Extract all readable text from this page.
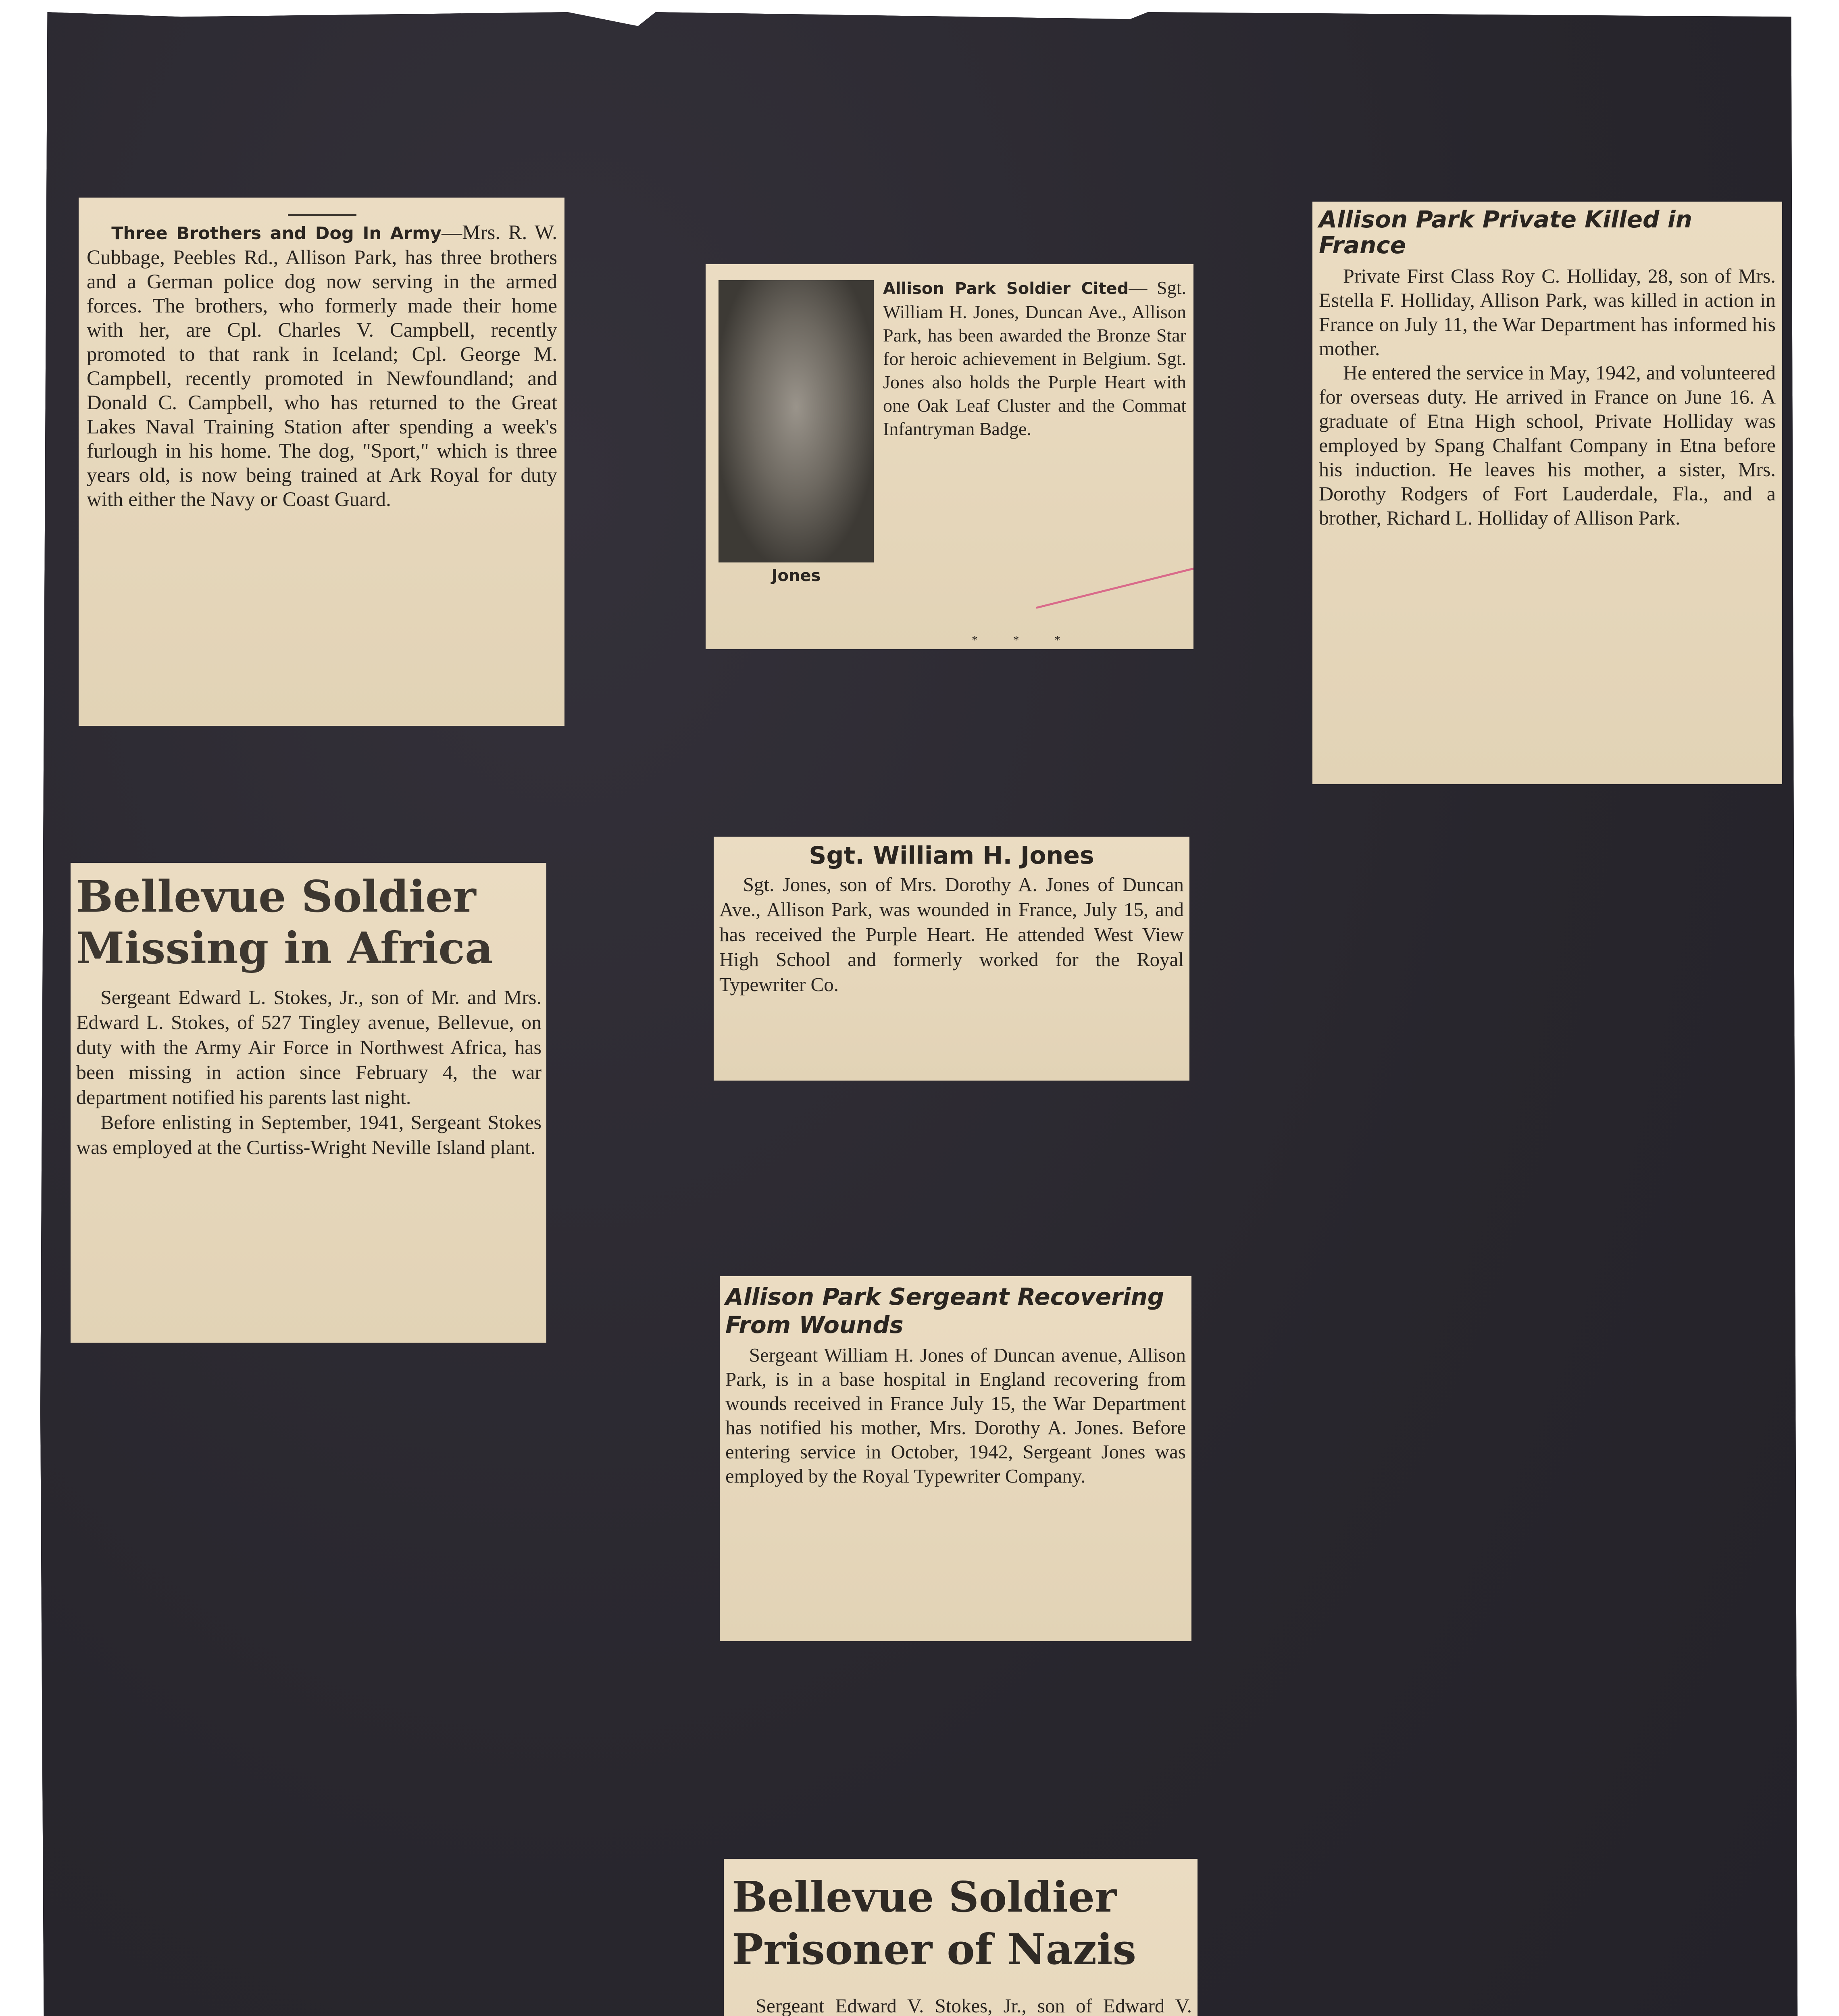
Three Brothers and Dog In Army—Mrs. R. W. Cubbage, Peebles Rd., Allison Park, has three brothers and a German police dog now serving in the armed forces. The brothers, who formerly made their home with her, are Cpl. Charles V. Campbell, recently promoted to that rank in Iceland; Cpl. George M. Campbell, recently promoted in Newfoundland; and Donald C. Campbell, who has returned to the Great Lakes Naval Training Station after spending a week's furlough in his home. The dog, "Sport," which is three years old, is now being trained at Ark Royal for duty with either the Navy or Coast Guard.

Jones

Allison Park Soldier Cited— Sgt. William H. Jones, Duncan Ave., Allison Park, has been awarded the Bronze Star for heroic achievement in Belgium. Sgt. Jones also holds the Purple Heart with one Oak Leaf Cluster and the Commat Infantryman Badge.

* * *
Allison Park Private Killed in France

Private First Class Roy C. Holliday, 28, son of Mrs. Estella F. Holliday, Allison Park, was killed in action in France on July 11, the War Department has informed his mother.

He entered the service in May, 1942, and volunteered for overseas duty. He arrived in France on June 16. A graduate of Etna High school, Private Holliday was employed by Spang Chalfant Company in Etna before his induction. He leaves his mother, a sister, Mrs. Dorothy Rodgers of Fort Lauderdale, Fla., and a brother, Richard L. Holliday of Allison Park.

Bellevue Soldier Missing in Africa

Sergeant Edward L. Stokes, Jr., son of Mr. and Mrs. Edward L. Stokes, of 527 Tingley avenue, Bellevue, on duty with the Army Air Force in Northwest Africa, has been missing in action since February 4, the war department notified his parents last night.

Before enlisting in September, 1941, Sergeant Stokes was employed at the Curtiss-Wright Neville Island plant.

Sgt. William H. Jones

Sgt. Jones, son of Mrs. Dorothy A. Jones of Duncan Ave., Allison Park, was wounded in France, July 15, and has received the Purple Heart. He attended West View High School and formerly worked for the Royal Typewriter Co.

Allison Park Sergeant Recovering From Wounds

Sergeant William H. Jones of Duncan avenue, Allison Park, is in a base hospital in England recovering from wounds received in France July 15, the War Department has notified his mother, Mrs. Dorothy A. Jones. Before entering service in October, 1942, Sergeant Jones was employed by the Royal Typewriter Company.

Bellevue Soldier Prisoner of Nazis

Sergeant Edward V. Stokes, Jr., son of Edward V.
